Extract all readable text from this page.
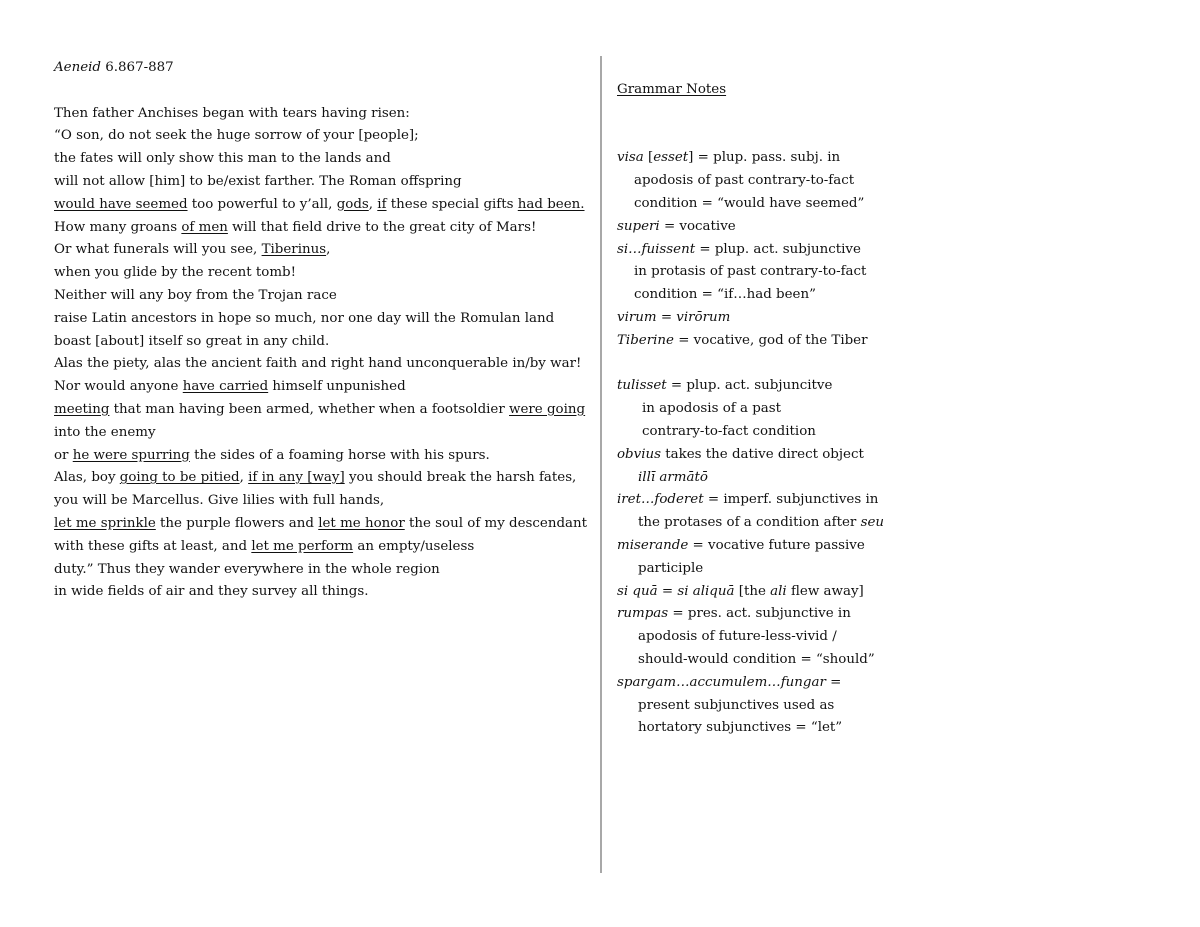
Aeneid 6.867-887
Then father Anchises began with tears having risen:
“O son, do not seek the huge sorrow of your [people];
the fates will only show this man to the lands and
will not allow [him] to be/exist farther. The Roman offspring
would have seemed too powerful to y’all, gods, if these special gifts had been.
How many groans of men will that field drive to the great city of Mars!
Or what funerals will you see, Tiberinus,
when you glide by the recent tomb!
Neither will any boy from the Trojan race
raise Latin ancestors in hope so much, nor one day will the Romulan land
boast [about] itself so great in any child.
Alas the piety, alas the ancient faith and right hand unconquerable in/by war!
Nor would anyone have carried himself unpunished
meeting that man having been armed, whether when a footsoldier were going
into the enemy
or he were spurring the sides of a foaming horse with his spurs.
Alas, boy going to be pitied, if in any [way] you should break the harsh fates,
you will be Marcellus. Give lilies with full hands,
let me sprinkle the purple flowers and let me honor the soul of my descendant
with these gifts at least, and let me perform an empty/useless
duty.” Thus they wander everywhere in the whole region
in wide fields of air and they survey all things.
Grammar Notes
visa [esset] = plup. pass. subj. in
apodosis of past contrary-to-fact
condition = “would have seemed”
superi = vocative
si…fuissent = plup. act. subjunctive
in protasis of past contrary-to-fact
condition = “if…had been”
virum = virōrum
Tiberine = vocative, god of the Tiber
tulisset = plup. act. subjuncitve
in apodosis of a past
contrary-to-fact condition
obvius takes the dative direct object
illī armātō
iret…foderet = imperf. subjunctives in
the protases of a condition after seu
miserande = vocative future passive
participle
si quā = si aliquā [the ali flew away]
rumpas = pres. act. subjunctive in
apodosis of future-less-vivid /
should-would condition = “should”
spargam…accumulem…fungar =
present subjunctives used as
hortatory subjunctives = “let”
